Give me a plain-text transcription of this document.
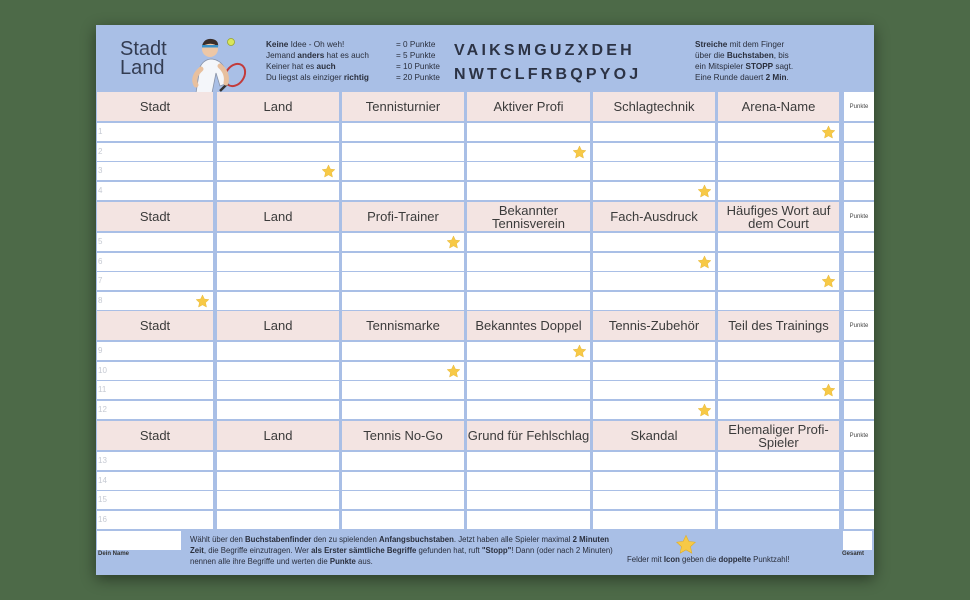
Stadt
Land
Keine Idee - Oh weh!
Jemand anders hat es auch
Keiner hat es auch
Du liegst als einziger richtig
= 0 Punkte
= 5 Punkte
= 10 Punkte
= 20 Punkte
VAIKSMGUZXDEH
NWTCLFRBQPYOJ
Streiche mit dem Finger
über die Buchstaben, bis
ein Mitspieler STOPP sagt.
Eine Runde dauert 2 Min.
Stadt	Land	Tennisturnier	Aktiver Profi	Schlagtechnik	Arena-Name	Punkte
1
2
3
4
Stadt	Land	Profi-Trainer	Bekannter Tennisverein	Fach-Ausdruck	Häufiges Wort auf dem Court	Punkte
5
6
7
8
Stadt	Land	Tennismarke	Bekanntes Doppel	Tennis-Zubehör	Teil des Trainings	Punkte
9
10
11
12
Stadt	Land	Tennis No-Go	Grund für Fehlschlag	Skandal	Ehemaliger Profi-Spieler	Punkte
13
14
15
16
Dein Name
Wählt über den Buchstabenfinder den zu spielenden Anfangsbuchstaben. Jetzt haben alle Spieler maximal 2 Minuten Zeit, die Begriffe einzutragen. Wer als Erster sämtliche Begriffe gefunden hat, ruft "Stopp"! Dann (oder nach 2 Minuten) nennen alle ihre Begriffe und werten die Punkte aus.	Felder mit Icon geben die doppelte Punktzahl!
Gesamt
